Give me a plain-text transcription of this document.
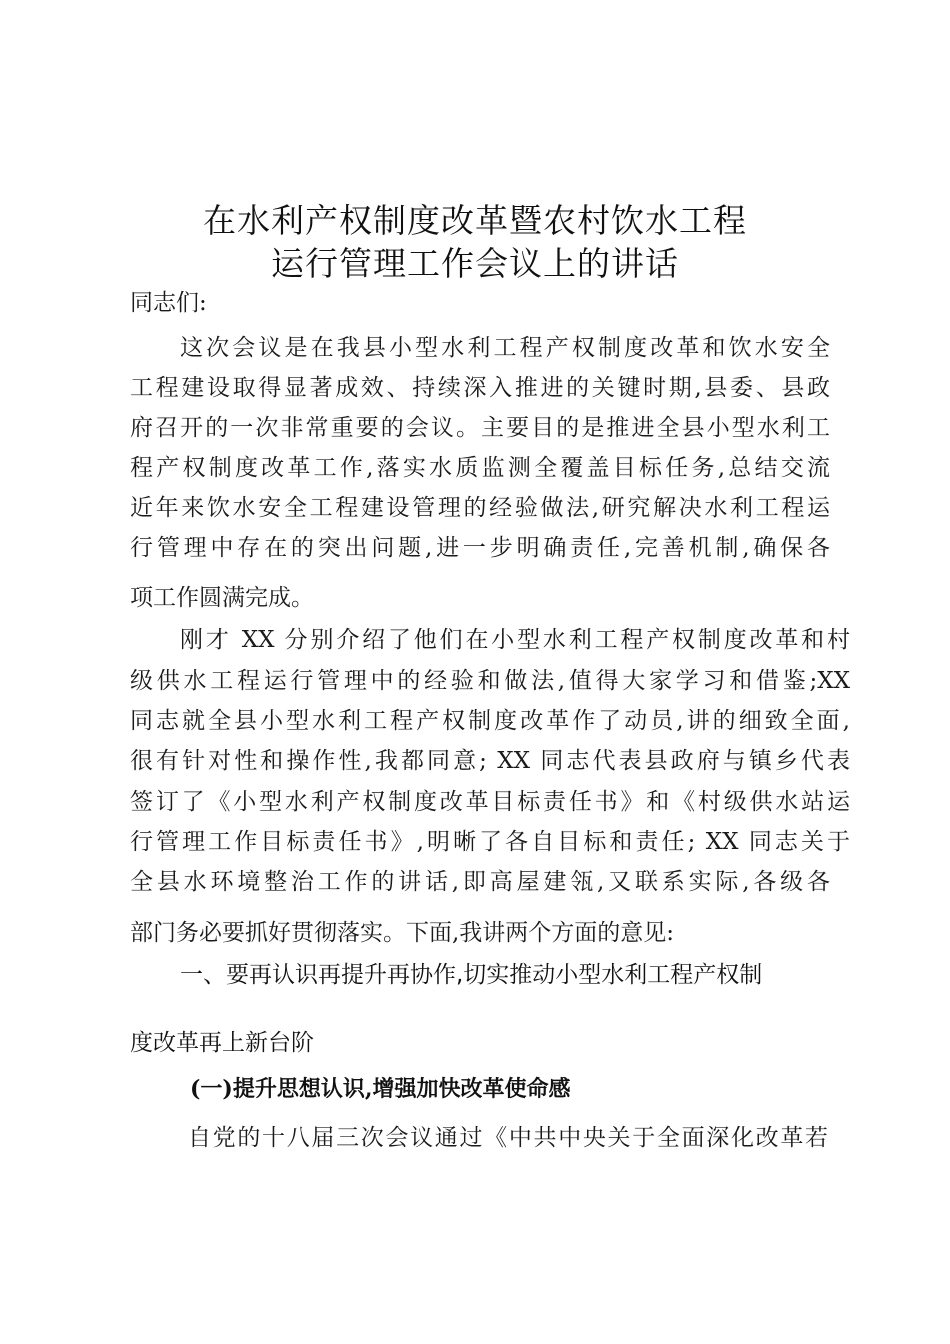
在水利产权制度改革暨农村饮水工程
运行管理工作会议上的讲话
同志们:
这次会议是在我县小型水利工程产权制度改革和饮水安全
工程建设取得显著成效、持续深入推进的关键时期,县委、县政
府召开的一次非常重要的会议。主要目的是推进全县小型水利工
程产权制度改革工作,落实水质监测全覆盖目标任务,总结交流
近年来饮水安全工程建设管理的经验做法,研究解决水利工程运
行管理中存在的突出问题,进一步明确责任,完善机制,确保各
项工作圆满完成。
刚才 XX 分别介绍了他们在小型水利工程产权制度改革和村
级供水工程运行管理中的经验和做法,值得大家学习和借鉴;XX
同志就全县小型水利工程产权制度改革作了动员,讲的细致全面,
很有针对性和操作性,我都同意; XX 同志代表县政府与镇乡代表
签订了《小型水利产权制度改革目标责任书》和《村级供水站运
行管理工作目标责任书》,明晰了各自目标和责任; XX 同志关于
全县水环境整治工作的讲话,即高屋建瓴,又联系实际,各级各
部门务必要抓好贯彻落实。下面,我讲两个方面的意见:
一、要再认识再提升再协作,切实推动小型水利工程产权制
度改革再上新台阶
(一)提升思想认识,增强加快改革使命感
自党的十八届三次会议通过《中共中央关于全面深化改革若
